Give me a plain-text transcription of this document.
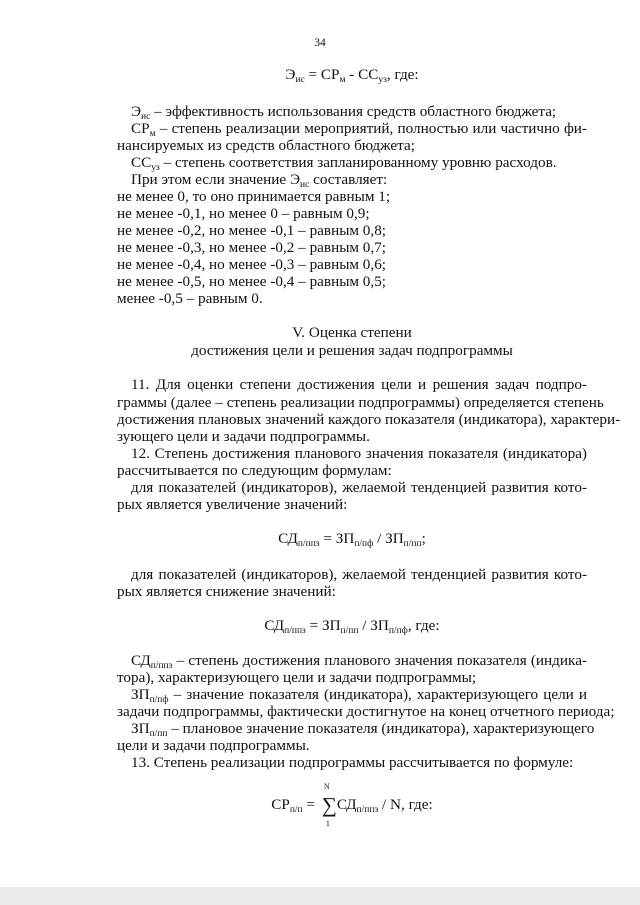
34
$Э_{ис} = СР_м - СС_{уз}$, где:
$Э_{ис}$ – эффективность использования средств областного бюджета;
$СР_м$ – степень реализации мероприятий, полностью или частично фи-
нансируемых из средств областного бюджета;
$СС_{уз}$ – степень соответствия запланированному уровню расходов.
При этом если значение $Э_{ис}$ составляет:
не менее 0, то оно принимается равным 1;
не менее -0,1, но менее 0 – равным 0,9;
не менее -0,2, но менее -0,1 – равным 0,8;
не менее -0,3, но менее -0,2 – равным 0,7;
не менее -0,4, но менее -0,3 – равным 0,6;
не менее -0,5, но менее -0,4 – равным 0,5;
менее -0,5 – равным 0.
V. Оценка степени
достижения цели и решения задач подпрограммы
11. Для оценки степени достижения цели и решения задач подпро-
граммы (далее – степень реализации подпрограммы) определяется степень
достижения плановых значений каждого показателя (индикатора), характери-
зующего цели и задачи подпрограммы.
12. Степень достижения планового значения показателя (индикатора)
рассчитывается по следующим формулам:
для показателей (индикаторов), желаемой тенденцией развития кото-
рых является увеличение значений:
$СД_{п/ппз} = ЗП_{п/пф} / ЗП_{п/пп}$;
для показателей (индикаторов), желаемой тенденцией развития кото-
рых является снижение значений:
$СД_{п/ппз} = ЗП_{п/пп} / ЗП_{п/пф}$, где:
$СД_{п/ппз}$ – степень достижения планового значения показателя (индика-
тора), характеризующего цели и задачи подпрограммы;
$ЗП_{п/пф}$ – значение показателя (индикатора), характеризующего цели и
задачи подпрограммы, фактически достигнутое на конец отчетного периода;
$ЗП_{п/пп}$ – плановое значение показателя (индикатора), характеризующего
цели и задачи подпрограммы.
13. Степень реализации подпрограммы рассчитывается по формуле:
$СР_{п/п}$ =
N
∑
1
$СД_{п/ппз}$ / N, где:
